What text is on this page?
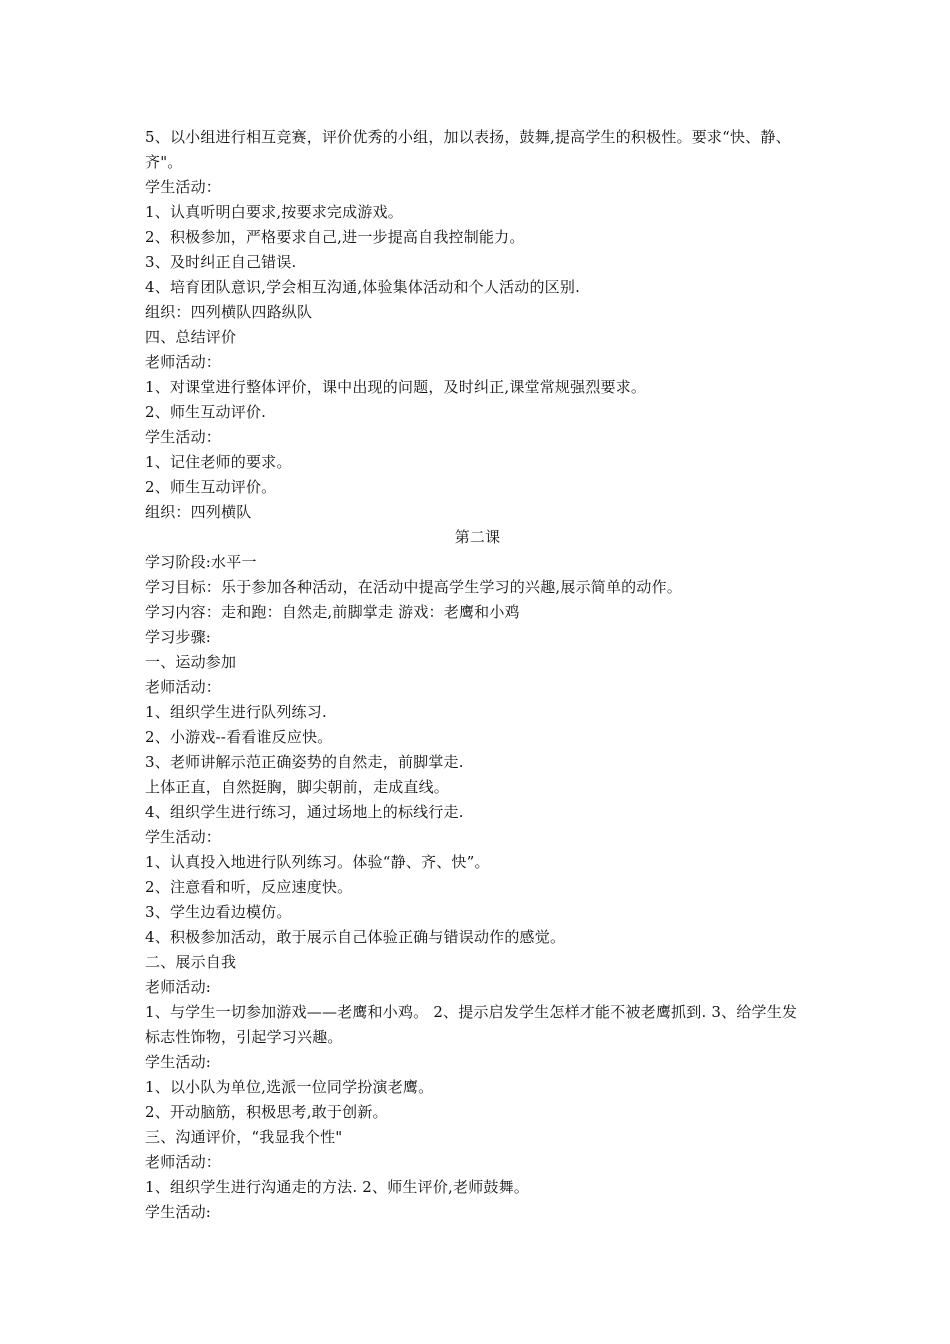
5、以小组进行相互竞赛，评价优秀的小组，加以表扬，鼓舞,提高学生的积极性。要求“快、静、齐"。
学生活动：
1、认真听明白要求,按要求完成游戏。
2、积极参加，严格要求自己,进一步提高自我控制能力。
3、及时纠正自己错误.
4、培育团队意识,学会相互沟通,体验集体活动和个人活动的区别.
组织：四列横队四路纵队
四、总结评价
老师活动：
1、对课堂进行整体评价，课中出现的问题，及时纠正,课堂常规强烈要求。
2、师生互动评价.
学生活动：
1、记住老师的要求。
2、师生互动评价。
组织：四列横队
第二课
学习阶段:水平一
学习目标：乐于参加各种活动，在活动中提高学生学习的兴趣,展示简单的动作。
学习内容：走和跑：自然走,前脚掌走 游戏：老鹰和小鸡
学习步骤:
一、运动参加
老师活动：
1、组织学生进行队列练习.
2、小游戏--看看谁反应快。
3、老师讲解示范正确姿势的自然走，前脚掌走.
上体正直，自然挺胸，脚尖朝前，走成直线。
4、组织学生进行练习，通过场地上的标线行走.
学生活动：
1、认真投入地进行队列练习。体验“静、齐、快”。
2、注意看和听，反应速度快。
3、学生边看边模仿。
4、积极参加活动，敢于展示自己体验正确与错误动作的感觉。
二、展示自我
老师活动:
1、与学生一切参加游戏——老鹰和小鸡。 2、提示启发学生怎样才能不被老鹰抓到. 3、给学生发标志性饰物，引起学习兴趣。
学生活动:
1、以小队为单位,选派一位同学扮演老鹰。
2、开动脑筋，积极思考,敢于创新。
三、沟通评价，“我显我个性"
老师活动：
1、组织学生进行沟通走的方法. 2、师生评价,老师鼓舞。
学生活动:
